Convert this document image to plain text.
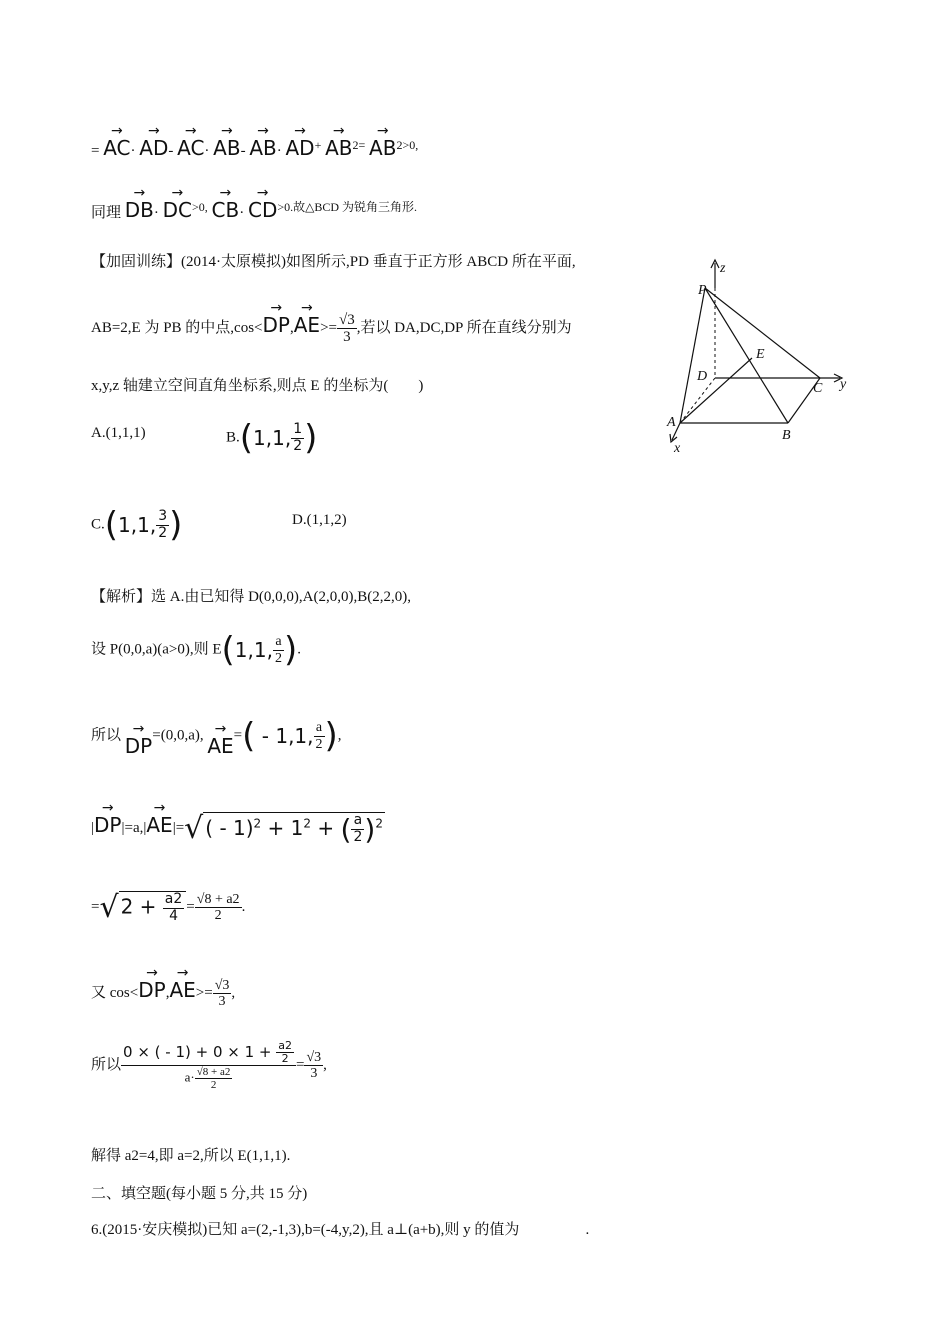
=
→
AC·
→
AD-
→
AC·
→
AB-
→
AB·
→
AD+
→
$AB^{2=}$
→
$AB^{2>0,}$
同理
→
DB·
→
$DC^{>0,}$
→
CB·
→
$CD^{>0.故\triangle BCD 为锐角三角形.}$
【加固训练】(2014·太原模拟)如图所示,PD 垂直于正方形 ABCD 所在平面,
AB=2,E 为 PB 的中点,cos<
→
DP,
→
$AE>= \frac{√3}{3}$ ,若以 DA,DC,DP 所在直线分别为
x,y,z 轴建立空间直角坐标系,则点 E 的坐标为(　　)
A.(1,1,1)	B.(1,1, $\frac{1}{2}$ )
C.(1,1, $\frac{3}{2}$ )	D.(1,1,2)
【解析】选 A.由已知得 D(0,0,0),A(2,0,0),B(2,2,0),
设 P(0,0,a)(a>0),则 E(1,1, $\frac{a}{2}$ ).
所以 →
DP=(0,0,a), →
AE=( - 1,1, $\frac{a}{2}$ ),
|
→
DP|=a,|
→
AE|=√ ( - $1)^2 + 1^2$ + ( $\frac{a}{2} )^2$
=√ $2 + \frac{a2}{4} = \frac{√8 + a2}{2}$ .
又 cos<
→
DP,
→
$AE>= \frac{√3}{3}$ ,
所以 $\frac{0 \times ( - 1) + 0 \times 1 + \frac{a2}{2}}{a\cdot \frac{√8 + a2}{2}} = \frac{√3}{3}$ ,
解得 a2=4,即 a=2,所以 E(1,1,1).
二、填空题(每小题 5 分,共 15 分)
6.(2015·安庆模拟)已知 a=(2,-1,3),b=(-4,y,2),且 a⊥(a+b),则 y 的值为	.
P
z
E
D
C y
A
B
x
